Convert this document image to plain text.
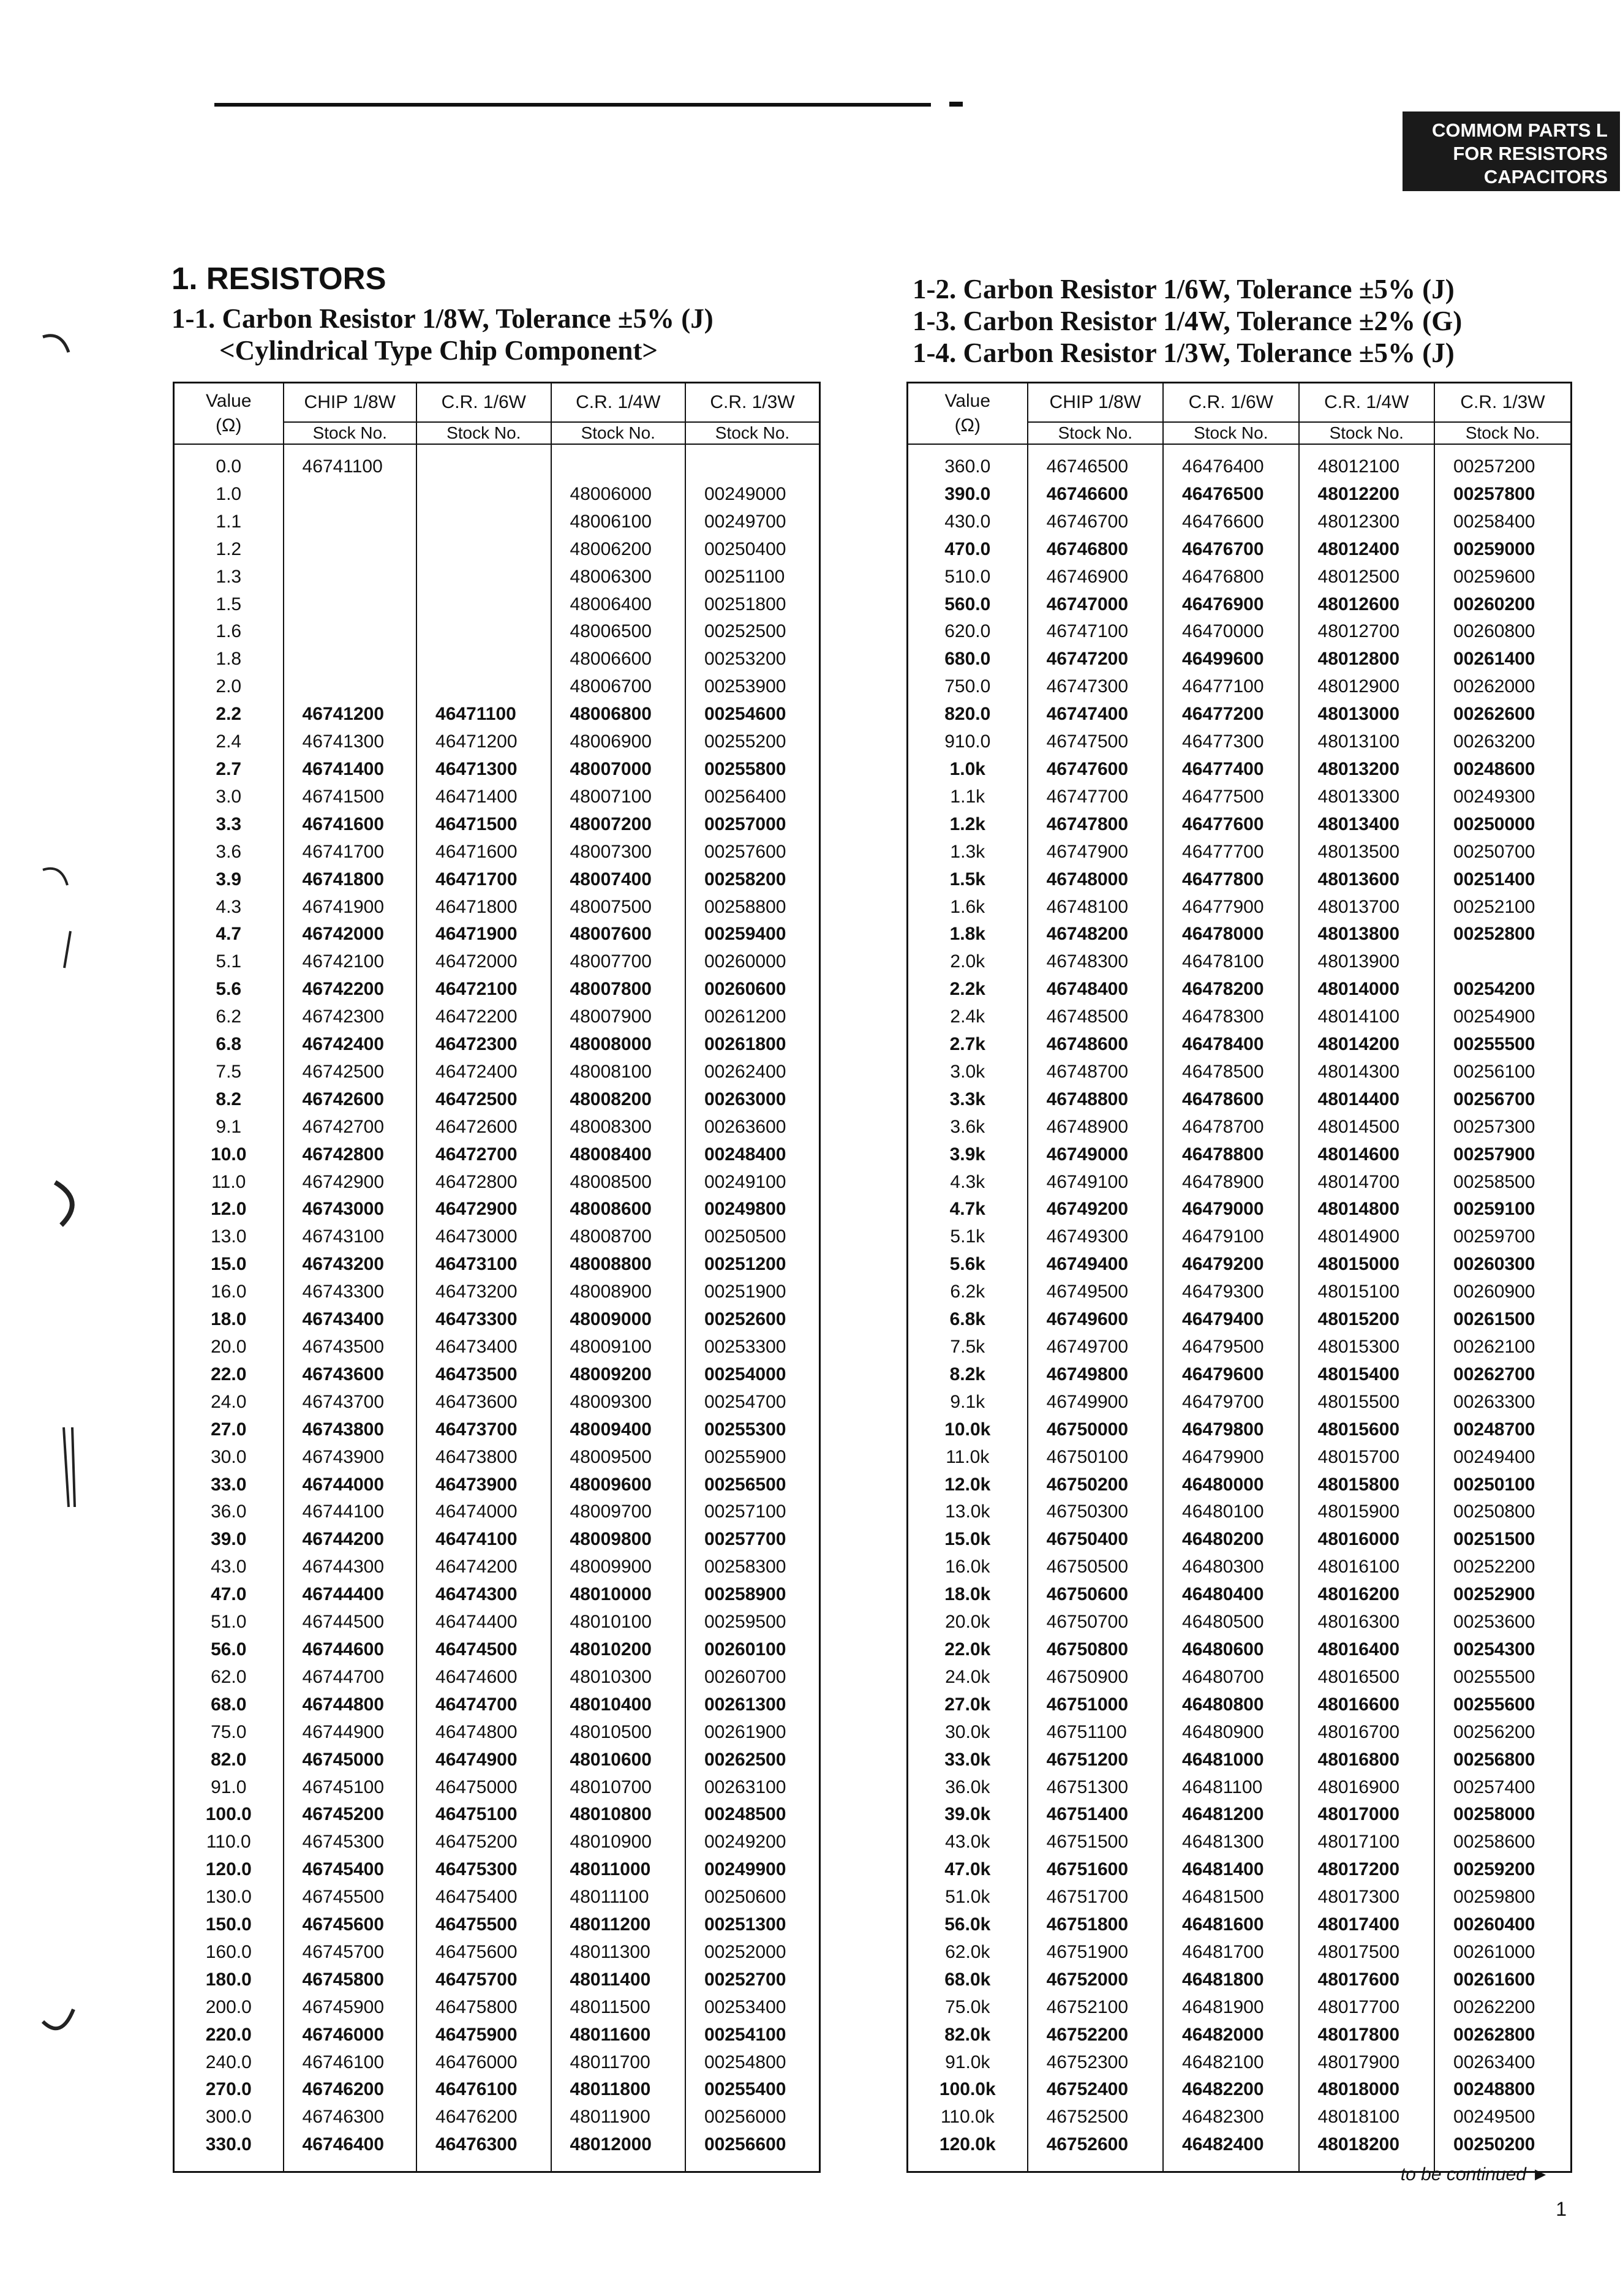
COMMOM PARTS L
FOR RESISTORS
CAPACITORS
1. RESISTORS
1-1. Carbon Resistor 1/8W, Tolerance ±5% (J)
<Cylindrical Type Chip Component>
1-2. Carbon Resistor 1/6W, Tolerance ±5% (J)
1-3. Carbon Resistor 1/4W, Tolerance ±2% (G)
1-4. Carbon Resistor 1/3W, Tolerance ±5% (J)
Value
(Ω)	CHIP 1/8W	C.R. 1/6W	C.R. 1/4W	C.R. 1/3W
	Stock No.	Stock No.	Stock No.	Stock No.
0.0	46741100			
1.0			48006000	00249000
1.1			48006100	00249700
1.2			48006200	00250400
1.3			48006300	00251100
1.5			48006400	00251800
1.6			48006500	00252500
1.8			48006600	00253200
2.0			48006700	00253900
2.2	46741200	46471100	48006800	00254600
2.4	46741300	46471200	48006900	00255200
2.7	46741400	46471300	48007000	00255800
3.0	46741500	46471400	48007100	00256400
3.3	46741600	46471500	48007200	00257000
3.6	46741700	46471600	48007300	00257600
3.9	46741800	46471700	48007400	00258200
4.3	46741900	46471800	48007500	00258800
4.7	46742000	46471900	48007600	00259400
5.1	46742100	46472000	48007700	00260000
5.6	46742200	46472100	48007800	00260600
6.2	46742300	46472200	48007900	00261200
6.8	46742400	46472300	48008000	00261800
7.5	46742500	46472400	48008100	00262400
8.2	46742600	46472500	48008200	00263000
9.1	46742700	46472600	48008300	00263600
10.0	46742800	46472700	48008400	00248400
11.0	46742900	46472800	48008500	00249100
12.0	46743000	46472900	48008600	00249800
13.0	46743100	46473000	48008700	00250500
15.0	46743200	46473100	48008800	00251200
16.0	46743300	46473200	48008900	00251900
18.0	46743400	46473300	48009000	00252600
20.0	46743500	46473400	48009100	00253300
22.0	46743600	46473500	48009200	00254000
24.0	46743700	46473600	48009300	00254700
27.0	46743800	46473700	48009400	00255300
30.0	46743900	46473800	48009500	00255900
33.0	46744000	46473900	48009600	00256500
36.0	46744100	46474000	48009700	00257100
39.0	46744200	46474100	48009800	00257700
43.0	46744300	46474200	48009900	00258300
47.0	46744400	46474300	48010000	00258900
51.0	46744500	46474400	48010100	00259500
56.0	46744600	46474500	48010200	00260100
62.0	46744700	46474600	48010300	00260700
68.0	46744800	46474700	48010400	00261300
75.0	46744900	46474800	48010500	00261900
82.0	46745000	46474900	48010600	00262500
91.0	46745100	46475000	48010700	00263100
100.0	46745200	46475100	48010800	00248500
110.0	46745300	46475200	48010900	00249200
120.0	46745400	46475300	48011000	00249900
130.0	46745500	46475400	48011100	00250600
150.0	46745600	46475500	48011200	00251300
160.0	46745700	46475600	48011300	00252000
180.0	46745800	46475700	48011400	00252700
200.0	46745900	46475800	48011500	00253400
220.0	46746000	46475900	48011600	00254100
240.0	46746100	46476000	48011700	00254800
270.0	46746200	46476100	48011800	00255400
300.0	46746300	46476200	48011900	00256000
330.0	46746400	46476300	48012000	00256600
Value
(Ω)	CHIP 1/8W	C.R. 1/6W	C.R. 1/4W	C.R. 1/3W
	Stock No.	Stock No.	Stock No.	Stock No.
360.0	46746500	46476400	48012100	00257200
390.0	46746600	46476500	48012200	00257800
430.0	46746700	46476600	48012300	00258400
470.0	46746800	46476700	48012400	00259000
510.0	46746900	46476800	48012500	00259600
560.0	46747000	46476900	48012600	00260200
620.0	46747100	46470000	48012700	00260800
680.0	46747200	46499600	48012800	00261400
750.0	46747300	46477100	48012900	00262000
820.0	46747400	46477200	48013000	00262600
910.0	46747500	46477300	48013100	00263200
1.0k	46747600	46477400	48013200	00248600
1.1k	46747700	46477500	48013300	00249300
1.2k	46747800	46477600	48013400	00250000
1.3k	46747900	46477700	48013500	00250700
1.5k	46748000	46477800	48013600	00251400
1.6k	46748100	46477900	48013700	00252100
1.8k	46748200	46478000	48013800	00252800
2.0k	46748300	46478100	48013900	
2.2k	46748400	46478200	48014000	00254200
2.4k	46748500	46478300	48014100	00254900
2.7k	46748600	46478400	48014200	00255500
3.0k	46748700	46478500	48014300	00256100
3.3k	46748800	46478600	48014400	00256700
3.6k	46748900	46478700	48014500	00257300
3.9k	46749000	46478800	48014600	00257900
4.3k	46749100	46478900	48014700	00258500
4.7k	46749200	46479000	48014800	00259100
5.1k	46749300	46479100	48014900	00259700
5.6k	46749400	46479200	48015000	00260300
6.2k	46749500	46479300	48015100	00260900
6.8k	46749600	46479400	48015200	00261500
7.5k	46749700	46479500	48015300	00262100
8.2k	46749800	46479600	48015400	00262700
9.1k	46749900	46479700	48015500	00263300
10.0k	46750000	46479800	48015600	00248700
11.0k	46750100	46479900	48015700	00249400
12.0k	46750200	46480000	48015800	00250100
13.0k	46750300	46480100	48015900	00250800
15.0k	46750400	46480200	48016000	00251500
16.0k	46750500	46480300	48016100	00252200
18.0k	46750600	46480400	48016200	00252900
20.0k	46750700	46480500	48016300	00253600
22.0k	46750800	46480600	48016400	00254300
24.0k	46750900	46480700	48016500	00255500
27.0k	46751000	46480800	48016600	00255600
30.0k	46751100	46480900	48016700	00256200
33.0k	46751200	46481000	48016800	00256800
36.0k	46751300	46481100	48016900	00257400
39.0k	46751400	46481200	48017000	00258000
43.0k	46751500	46481300	48017100	00258600
47.0k	46751600	46481400	48017200	00259200
51.0k	46751700	46481500	48017300	00259800
56.0k	46751800	46481600	48017400	00260400
62.0k	46751900	46481700	48017500	00261000
68.0k	46752000	46481800	48017600	00261600
75.0k	46752100	46481900	48017700	00262200
82.0k	46752200	46482000	48017800	00262800
91.0k	46752300	46482100	48017900	00263400
100.0k	46752400	46482200	48018000	00248800
110.0k	46752500	46482300	48018100	00249500
120.0k	46752600	46482400	48018200	00250200
to be continued ►
1
